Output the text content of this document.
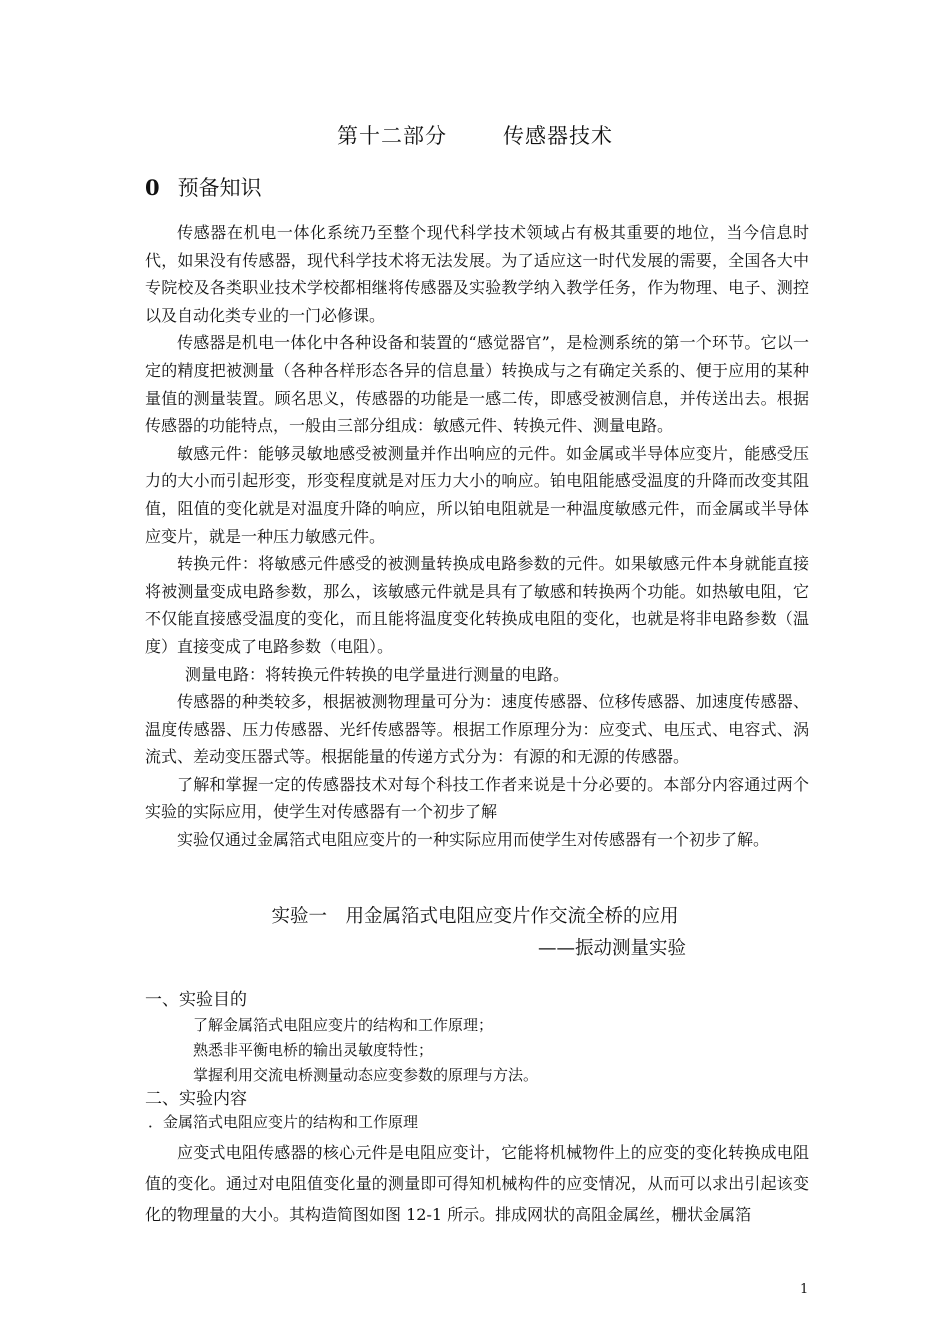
第十二部分	传感器技术
0 预备知识

传感器在机电一体化系统乃至整个现代科学技术领域占有极其重要的地位，当今信息时代，如果没有传感器，现代科学技术将无法发展。为了适应这一时代发展的需要，全国各大中专院校及各类职业技术学校都相继将传感器及实验教学纳入教学任务，作为物理、电子、测控以及自动化类专业的一门必修课。

传感器是机电一体化中各种设备和装置的“感觉器官”，是检测系统的第一个环节。它以一定的精度把被测量（各种各样形态各异的信息量）转换成与之有确定关系的、便于应用的某种量值的测量装置。顾名思义，传感器的功能是一感二传，即感受被测信息，并传送出去。根据传感器的功能特点，一般由三部分组成：敏感元件、转换元件、测量电路。

敏感元件：能够灵敏地感受被测量并作出响应的元件。如金属或半导体应变片，能感受压力的大小而引起形变，形变程度就是对压力大小的响应。铂电阻能感受温度的升降而改变其阻值，阻值的变化就是对温度升降的响应，所以铂电阻就是一种温度敏感元件，而金属或半导体应变片，就是一种压力敏感元件。

转换元件：将敏感元件感受的被测量转换成电路参数的元件。如果敏感元件本身就能直接将被测量变成电路参数，那么，该敏感元件就是具有了敏感和转换两个功能。如热敏电阻，它不仅能直接感受温度的变化，而且能将温度变化转换成电阻的变化，也就是将非电路参数（温度）直接变成了电路参数（电阻）。

测量电路：将转换元件转换的电学量进行测量的电路。

传感器的种类较多，根据被测物理量可分为：速度传感器、位移传感器、加速度传感器、温度传感器、压力传感器、光纤传感器等。根据工作原理分为：应变式、电压式、电容式、涡流式、差动变压器式等。根据能量的传递方式分为：有源的和无源的传感器。

了解和掌握一定的传感器技术对每个科技工作者来说是十分必要的。本部分内容通过两个实验的实际应用，使学生对传感器有一个初步了解

实验仅通过金属箔式电阻应变片的一种实际应用而使学生对传感器有一个初步了解。

实验一　用金属箔式电阻应变片作交流全桥的应用
——振动测量实验
一、实验目的
了解金属箔式电阻应变片的结构和工作原理；
熟悉非平衡电桥的输出灵敏度特性；
掌握利用交流电桥测量动态应变参数的原理与方法。
二、实验内容
．金属箔式电阻应变片的结构和工作原理

应变式电阻传感器的核心元件是电阻应变计，它能将机械物件上的应变的变化转换成电阻值的变化。通过对电阻值变化量的测量即可得知机械构件的应变情况，从而可以求出引起该变化的物理量的大小。其构造简图如图 12-1 所示。排成网状的高阻金属丝，栅状金属箔

1
